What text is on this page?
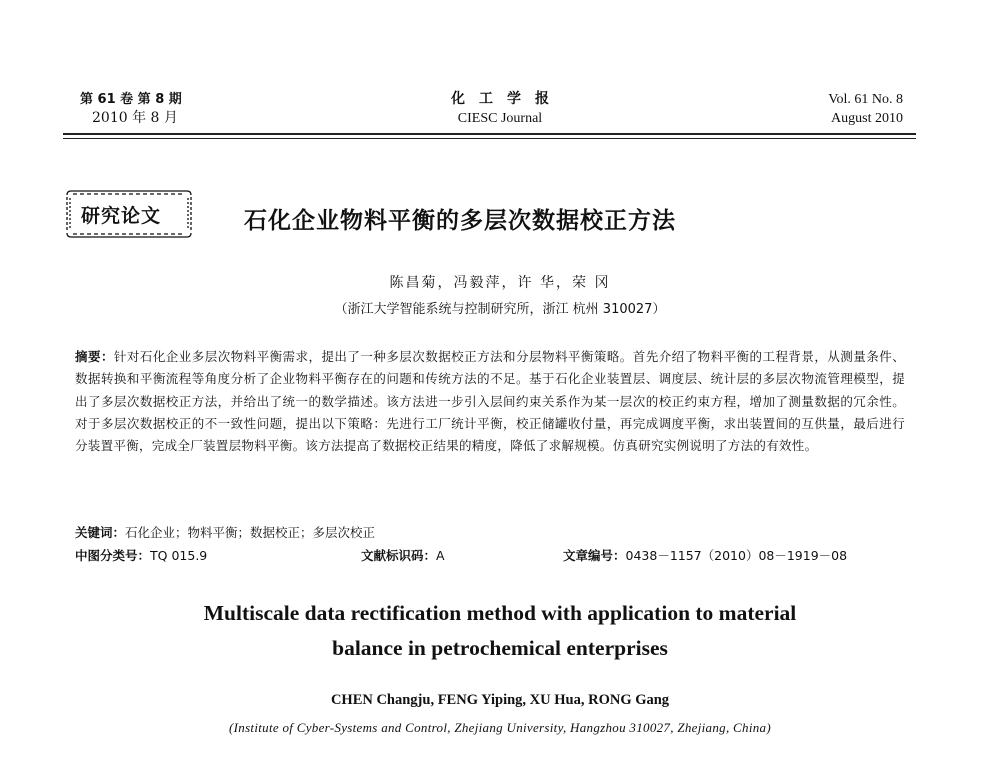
第 61 卷 第 8 期
2010 年 8 月
化工学报
CIESC Journal
Vol. 61 No. 8
August 2010
研究论文	石化企业物料平衡的多层次数据校正方法
陈昌菊，冯毅萍，许 华，荣 冈
（浙江大学智能系统与控制研究所，浙江 杭州 310027）
摘要：针对石化企业多层次物料平衡需求，提出了一种多层次数据校正方法和分层物料平衡策略。首先介绍了物料平衡的工程背景，从测量条件、数据转换和平衡流程等角度分析了企业物料平衡存在的问题和传统方法的不足。基于石化企业装置层、调度层、统计层的多层次物流管理模型，提出了多层次数据校正方法，并给出了统一的数学描述。该方法进一步引入层间约束关系作为某一层次的校正约束方程，增加了测量数据的冗余性。对于多层次数据校正的不一致性问题，提出以下策略：先进行工厂统计平衡，校正储罐收付量，再完成调度平衡，求出装置间的互供量，最后进行分装置平衡，完成全厂装置层物料平衡。该方法提高了数据校正结果的精度，降低了求解规模。仿真研究实例说明了方法的有效性。
关键词：石化企业；物料平衡；数据校正；多层次校正
中图分类号：TQ 015.9	文献标识码：A	文章编号：0438－1157（2010）08－1919－08
Multiscale data rectification method with application to material
balance in petrochemical enterprises
CHEN Changju, FENG Yiping, XU Hua, RONG Gang
(Institute of Cyber-Systems and Control, Zhejiang University, Hangzhou 310027, Zhejiang, China)
